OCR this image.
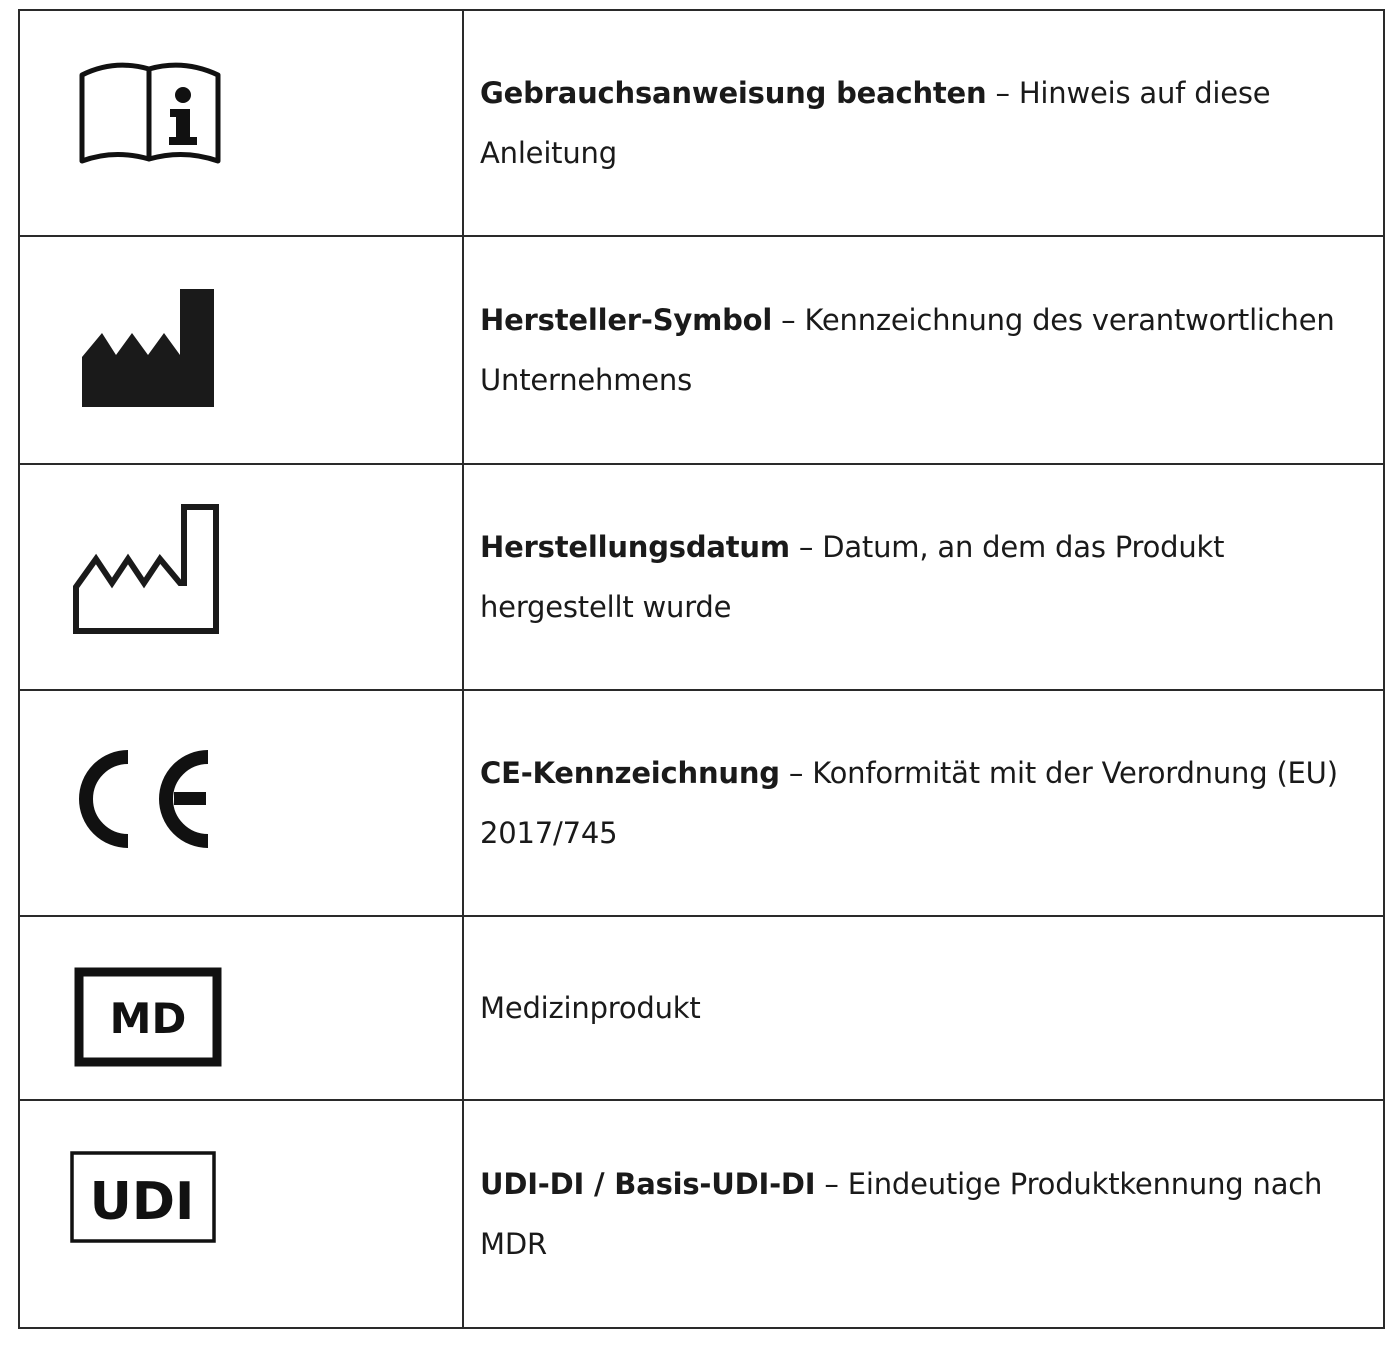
Gebrauchsanweisung beachten – Hinweis auf diese Anleitung

Hersteller-Symbol – Kennzeichnung des verantwortlichen Unternehmens

Herstellungsdatum – Datum, an dem das Produkt hergestellt wurde

CE-Kennzeichnung – Konformität mit der Verordnung (EU) 2017/745

MD	Medizinprodukt

UDI	UDI-DI / Basis-UDI-DI – Eindeutige Produktkennung nach MDR
